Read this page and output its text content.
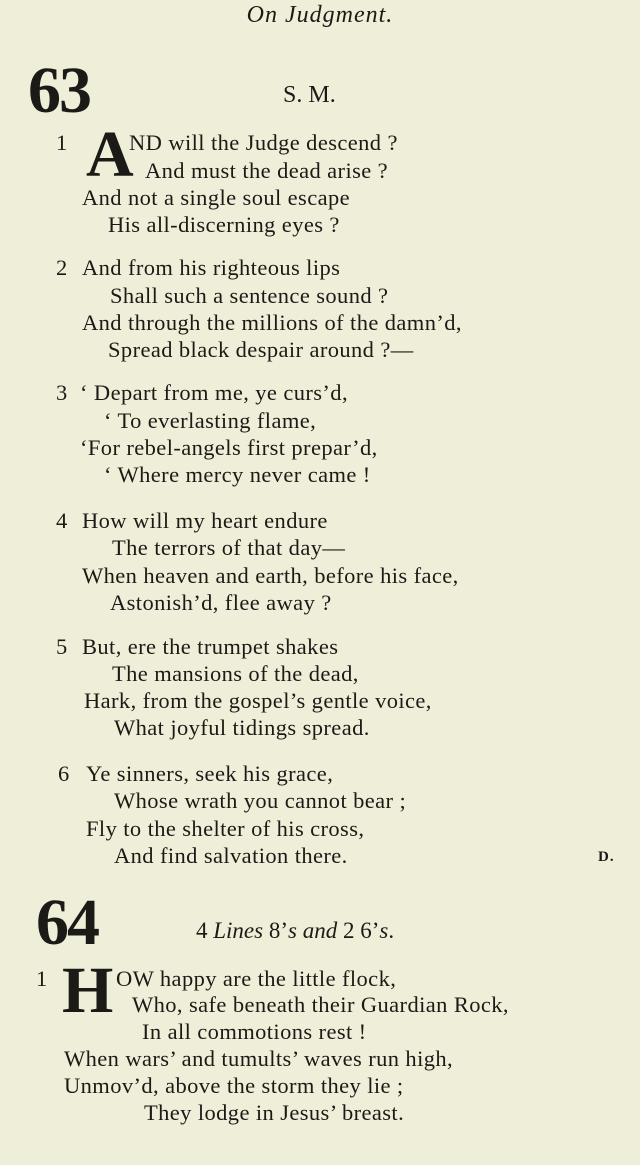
On Judgment.
63	S. M.
1 A
ND will the Judge descend ?
And must the dead arise ?
And not a single soul escape
His all-discerning eyes ?
2 And from his righteous lips
Shall such a sentence sound ?
And through the millions of the damn’d,
Spread black despair around ?—
3 ‘ Depart from me, ye curs’d,
‘ To everlasting flame,
‘For rebel-angels first prepar’d,
‘ Where mercy never came !
4 How will my heart endure
The terrors of that day—
When heaven and earth, before his face,
Astonish’d, flee away ?
5 But, ere the trumpet shakes
The mansions of the dead,
Hark, from the gospel’s gentle voice,
What joyful tidings spread.
6 Ye sinners, seek his grace,
Whose wrath you cannot bear ;
Fly to the shelter of his cross,
And find salvation there.	D.
64	4 Lines 8’s and 2 6’s.
1 H OW happy are the little flock,
Who, safe beneath their Guardian Rock,
In all commotions rest !
When wars’ and tumults’ waves run high,
Unmov’d, above the storm they lie ;
They lodge in Jesus’ breast.
